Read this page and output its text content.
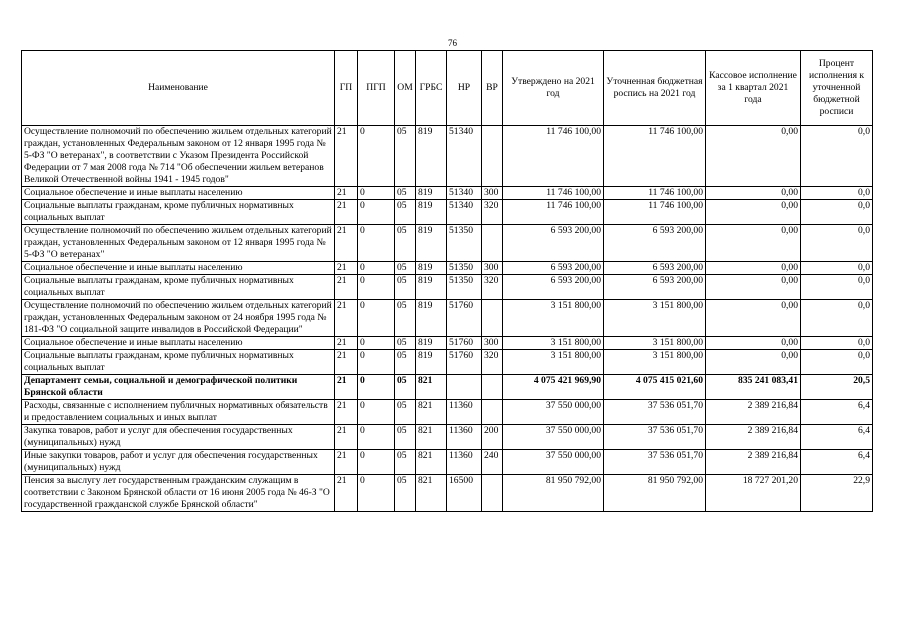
76
Наименование	ГП	ПГП	ОМ	ГРБС	НР	ВР	Утверждено на 2021 год	Уточненная бюджетная роспись на 2021 год	Кассовое исполнение за 1 квартал 2021 года	Процент исполнения к уточненной бюджетной росписи
Осуществление полномочий по обеспечению жильем отдельных категорий граждан, установленных Федеральным законом от 12 января 1995 года № 5-ФЗ "О ветеранах", в соответствии с Указом Президента Российской Федерации от 7 мая 2008 года № 714 "Об обеспечении жильем ветеранов Великой Отечественной войны 1941 - 1945 годов"	21	0	05	819	51340		11 746 100,00	11 746 100,00	0,00	0,0
Социальное обеспечение и иные выплаты населению	21	0	05	819	51340	300	11 746 100,00	11 746 100,00	0,00	0,0
Социальные выплаты гражданам, кроме публичных нормативных социальных выплат	21	0	05	819	51340	320	11 746 100,00	11 746 100,00	0,00	0,0
Осуществление полномочий по обеспечению жильем отдельных категорий граждан, установленных Федеральным законом от 12 января 1995 года № 5-ФЗ "О ветеранах"	21	0	05	819	51350		6 593 200,00	6 593 200,00	0,00	0,0
Социальное обеспечение и иные выплаты населению	21	0	05	819	51350	300	6 593 200,00	6 593 200,00	0,00	0,0
Социальные выплаты гражданам, кроме публичных нормативных социальных выплат	21	0	05	819	51350	320	6 593 200,00	6 593 200,00	0,00	0,0
Осуществление полномочий по обеспечению жильем отдельных категорий граждан, установленных Федеральным законом от 24 ноября 1995 года № 181-ФЗ "О социальной защите инвалидов в Российской Федерации"	21	0	05	819	51760		3 151 800,00	3 151 800,00	0,00	0,0
Социальное обеспечение и иные выплаты населению	21	0	05	819	51760	300	3 151 800,00	3 151 800,00	0,00	0,0
Социальные выплаты гражданам, кроме публичных нормативных социальных выплат	21	0	05	819	51760	320	3 151 800,00	3 151 800,00	0,00	0,0
Департамент семьи, социальной и демографической политики Брянской области	21	0	05	821			4 075 421 969,90	4 075 415 021,60	835 241 083,41	20,5
Расходы, связанные с исполнением публичных нормативных обязательств и предоставлением социальных и иных выплат	21	0	05	821	11360		37 550 000,00	37 536 051,70	2 389 216,84	6,4
Закупка товаров, работ и услуг для обеспечения государственных (муниципальных) нужд	21	0	05	821	11360	200	37 550 000,00	37 536 051,70	2 389 216,84	6,4
Иные закупки товаров, работ и услуг для обеспечения государственных (муниципальных) нужд	21	0	05	821	11360	240	37 550 000,00	37 536 051,70	2 389 216,84	6,4
Пенсия за выслугу лет государственным гражданским служащим в соответствии с Законом Брянской области от 16 июня 2005 года № 46-З "О государственной гражданской службе Брянской области"	21	0	05	821	16500		81 950 792,00	81 950 792,00	18 727 201,20	22,9
